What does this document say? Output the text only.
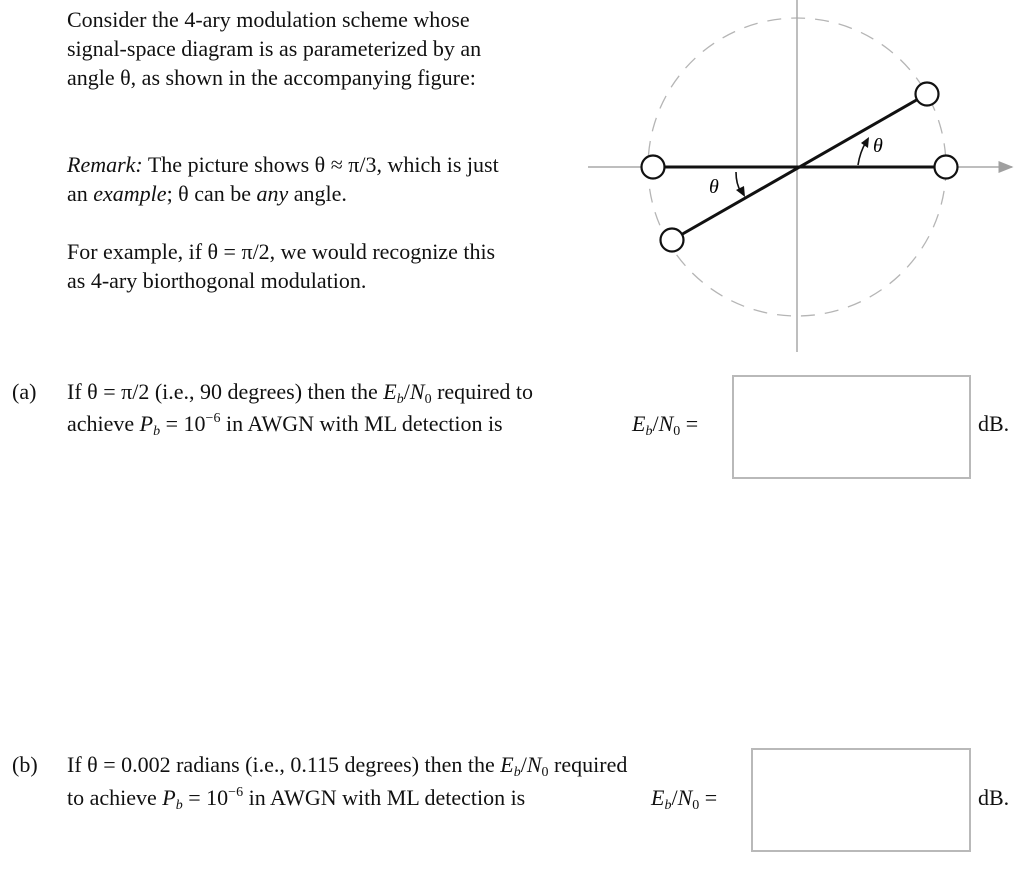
Consider the 4-ary modulation scheme whose
signal-space diagram is as parameterized by an
angle θ, as shown in the accompanying figure:
Remark: The picture shows θ ≈ π/3, which is just
an example; θ can be any angle.
For example, if θ = π/2, we would recognize this
as 4-ary biorthogonal modulation.
θ
θ
(a) If θ = π/2 (i.e., 90 degrees) then the $E_b/N_0$ required to
achieve $P_b = 10^{-6}$ in AWGN with ML detection is	$E_b/N_0$ =	dB.
(b) If θ = 0.002 radians (i.e., 0.115 degrees) then the $E_b/N_0$ required
to achieve $P_b = 10^{-6}$ in AWGN with ML detection is	$E_b/N_0$ =	dB.
